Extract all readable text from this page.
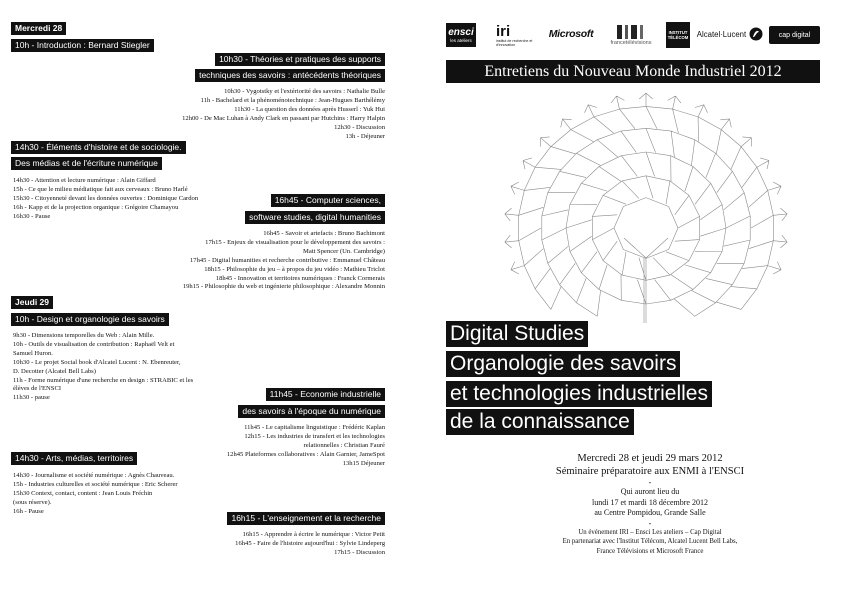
Mercredi 28
10h - Introduction : Bernard Stiegler
10h30 - Théories et pratiques des supports
techniques des savoirs : antécédents théoriques
10h30 - Vygotstky et l'extériorité des savoirs : Nathalie Bulle
11h - Bachelard et la phénoménotechnique : Jean-Hugues Barthélémy
11h30 - La question des données après Husserl : Yuk Hui
12h00 - De Mac Luhan à Andy Clark en passant par Hutchins : Harry Halpin
12h30 - Discussion
13h - Déjeuner
14h30 - Éléments d'histoire et de sociologie.
Des médias et de l'écriture numérique
14h30 - Attention et lecture numérique : Alain Giffard
15h - Ce que le milieu médiatique fait aux cerveaux : Bruno Harlé
15h30 - Citoyenneté devant les données ouvertes : Dominique Cardon
16h - Kapp et de la projection organique : Grégoire Chamayou
16h30 - Pause
16h45 - Computer sciences,
software studies, digital humanities
16h45 - Savoir et artefacts : Bruno Bachimont
17h15 - Enjeux de visualisation pour le développement des savoirs :
Matt Spencer (Un. Cambridge)
17h45 - Digital humanities et recherche contributive : Emmanuel Château
18h15 - Philosophie du jeu – à propos du jeu vidéo : Mathieu Triclot
18h45 - Innovation et territoires numériques : Franck Cormerais
19h15 - Philosophie du web et ingénierie philosophique : Alexandre Monnin
Jeudi 29
10h - Design et organologie des savoirs
9h30 - Dimensions temporelles du Web : Alain Mille.
10h - Outils de visualisation de contribution : Raphaël Velt et
Samuel Huron.
10h30 - Le projet Social book d'Alcatel Lucent : N. Ebenreuter,
D. Decotter (Alcatel Bell Labs)
11h - Forme numérique d'une recherche en design : STRABIC et les
élèves de l'ENSCI
11h30 - pause	11h45 - Economie industrielle
des savoirs à l'époque du numérique
11h45 - Le capitalisme linguistique : Frédéric Kaplan
12h15 - Les industries de transfert et les technologies
relationnelles : Christian Fauré
12h45 Plateformes collaboratives : Alain Garnier, JameSpot
13h15 Déjeuner
14h30 - Arts, médias, territoires
14h30 - Journalisme et société numérique : Agnès Chauveau.
15h - Industries culturelles et société numérique : Eric Scherer
15h30 Context, contact, content : Jean Louis Fréchin
(sous réserve).
16h - Pause
16h15 - L'enseignement et la recherche
16h15 - Apprendre à écrire le numérique : Victor Petit
16h45 - Faire de l'histoire aujourd'hui : Sylvie Lindeperg
17h15 - Discussion
ensci
les ateliers
iri
institut de recherche et d'innovation
Microsoft
francetélévisions
INSTITUT TÉLÉCOM Alcatel·Lucent	cap digital
Entretiens du Nouveau Monde Industriel 2012
Digital Studies
Organologie des savoirs
et technologies industrielles
de la connaissance
Mercredi 28 et jeudi 29 mars 2012
Séminaire préparatoire aux ENMI à l'ENSCI
-
Qui auront lieu du
lundi 17 et mardi 18 décembre 2012
au Centre Pompidou, Grande Salle
-
Un événement IRI – Ensci Les ateliers – Cap Digital
En partenariat avec l'Institut Télécom, Alcatel Lucent Bell Labs,
France Télévisions et Microsoft France
